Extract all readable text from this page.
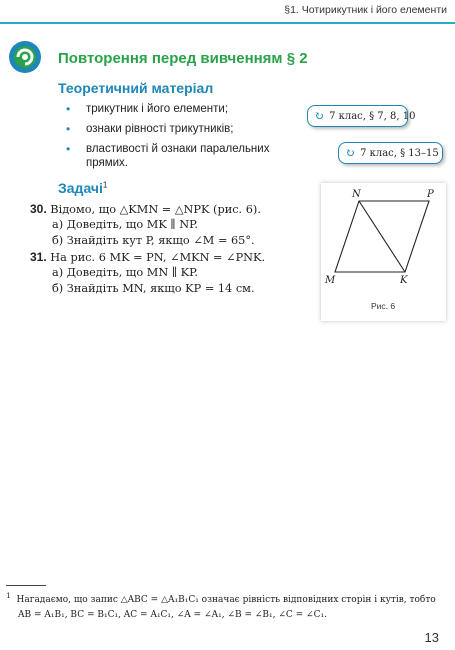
§1. Чотирикутник і його елементи
Повторення перед вивченням § 2
Теоретичний матеріал
• трикутник і його елементи;
• ознаки рівності трикутників;
• властивості й ознаки паралельних
прямих.
↻ 7 клас, § 7, 8, 10
↻ 7 клас, § 13–15
Задачі$^1$
30. Відомо, що △KMN = △NPK (рис. 6).
а) Доведіть, що MK ∥ NP.
б) Знайдіть кут P, якщо ∠M = 65°.
31. На рис. 6 MK = PN, ∠MKN = ∠PNK.
а) Доведіть, що MN ∥ KP.
б) Знайдіть MN, якщо KP = 14 см.
N	P
M	K
Рис. 6
$^1$ Нагадаємо, що запис △ABC = △A₁B₁C₁ означає рівність відповідних сторін і кутів, тобто
AB = A₁B₁, BC = B₁C₁, AC = A₁C₁, ∠A = ∠A₁, ∠B = ∠B₁, ∠C = ∠C₁.
13
